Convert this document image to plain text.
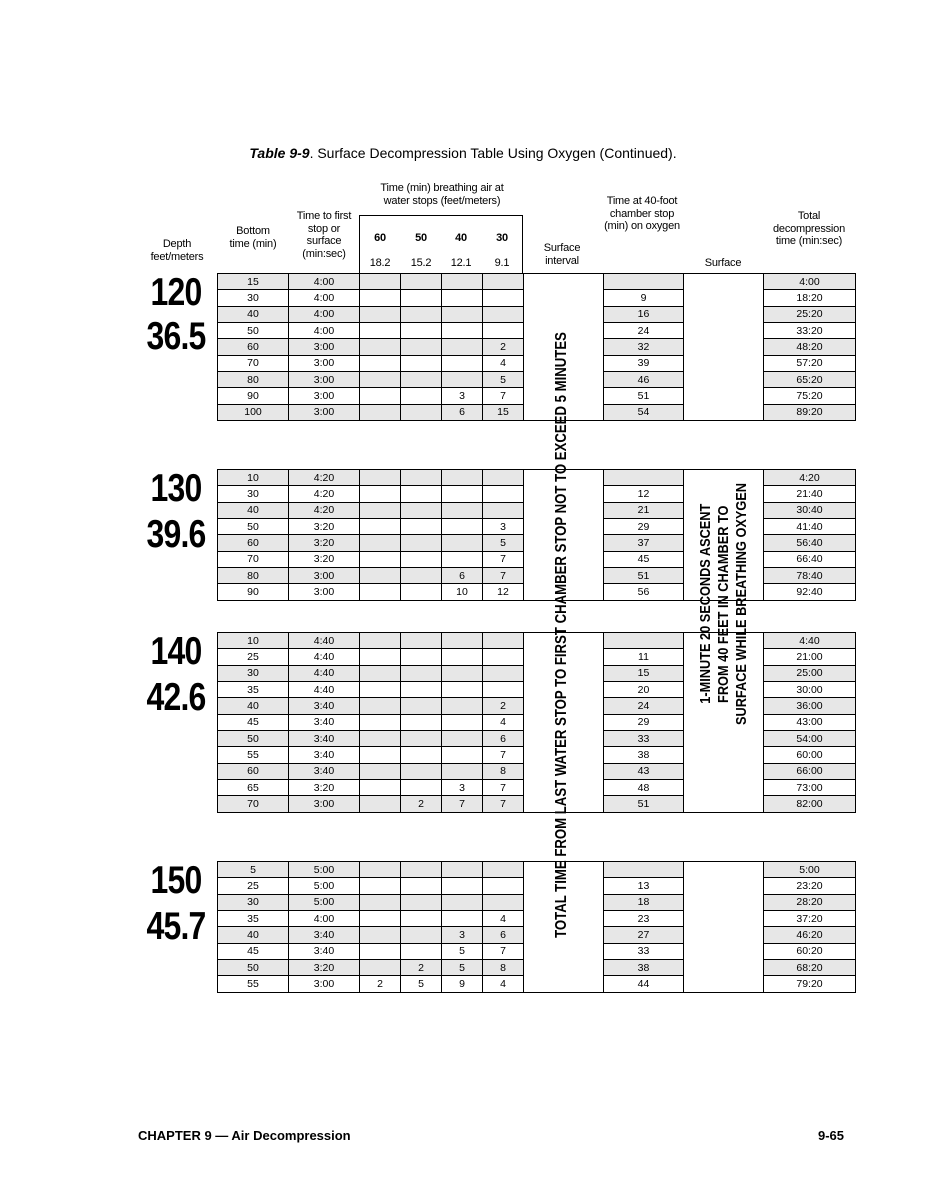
Table 9-9. Surface Decompression Table Using Oxygen (Continued).
Depth feet/meters
Bottom time (min)
Time to first stop or surface (min:sec)
Time (min) breathing air at water stops (feet/meters)
60	50	40	30
18.2	15.2	12.1	9.1
Surface interval
Time at 40-foot chamber stop (min) on oxygen
Surface
Total decompression time (min:sec)
120
36.5
130
39.6
140
42.6
150
45.7
15	4:00								4:00
30	4:00						9		18:20
40	4:00						16		25:20
50	4:00						24		33:20
60	3:00				2		32		48:20
70	3:00				4		39		57:20
80	3:00				5		46		65:20
90	3:00			3	7		51		75:20
100	3:00			6	15		54		89:20
10	4:20								4:20
30	4:20						12		21:40
40	4:20						21		30:40
50	3:20				3		29		41:40
60	3:20				5		37		56:40
70	3:20				7		45		66:40
80	3:00			6	7		51		78:40
90	3:00			10	12		56		92:40
10	4:40								4:40
25	4:40						11		21:00
30	4:40						15		25:00
35	4:40						20		30:00
40	3:40				2		24		36:00
45	3:40				4		29		43:00
50	3:40				6		33		54:00
55	3:40				7		38		60:00
60	3:40				8		43		66:00
65	3:20			3	7		48		73:00
70	3:00		2	7	7		51		82:00
5	5:00								5:00
25	5:00						13		23:20
30	5:00						18		28:20
35	4:00				4		23		37:20
40	3:40			3	6		27		46:20
45	3:40			5	7		33		60:20
50	3:20		2	5	8		38		68:20
55	3:00	2	5	9	4		44		79:20
TOTAL TIME FROM LAST WATER STOP TO FIRST CHAMBER STOP NOT TO EXCEED 5 MINUTES	1-MINUTE 20 SECONDS ASCENT
FROM 40 FEET IN CHAMBER TO
SURFACE WHILE BREATHING OXYGEN
CHAPTER 9 — Air Decompression	9-65
